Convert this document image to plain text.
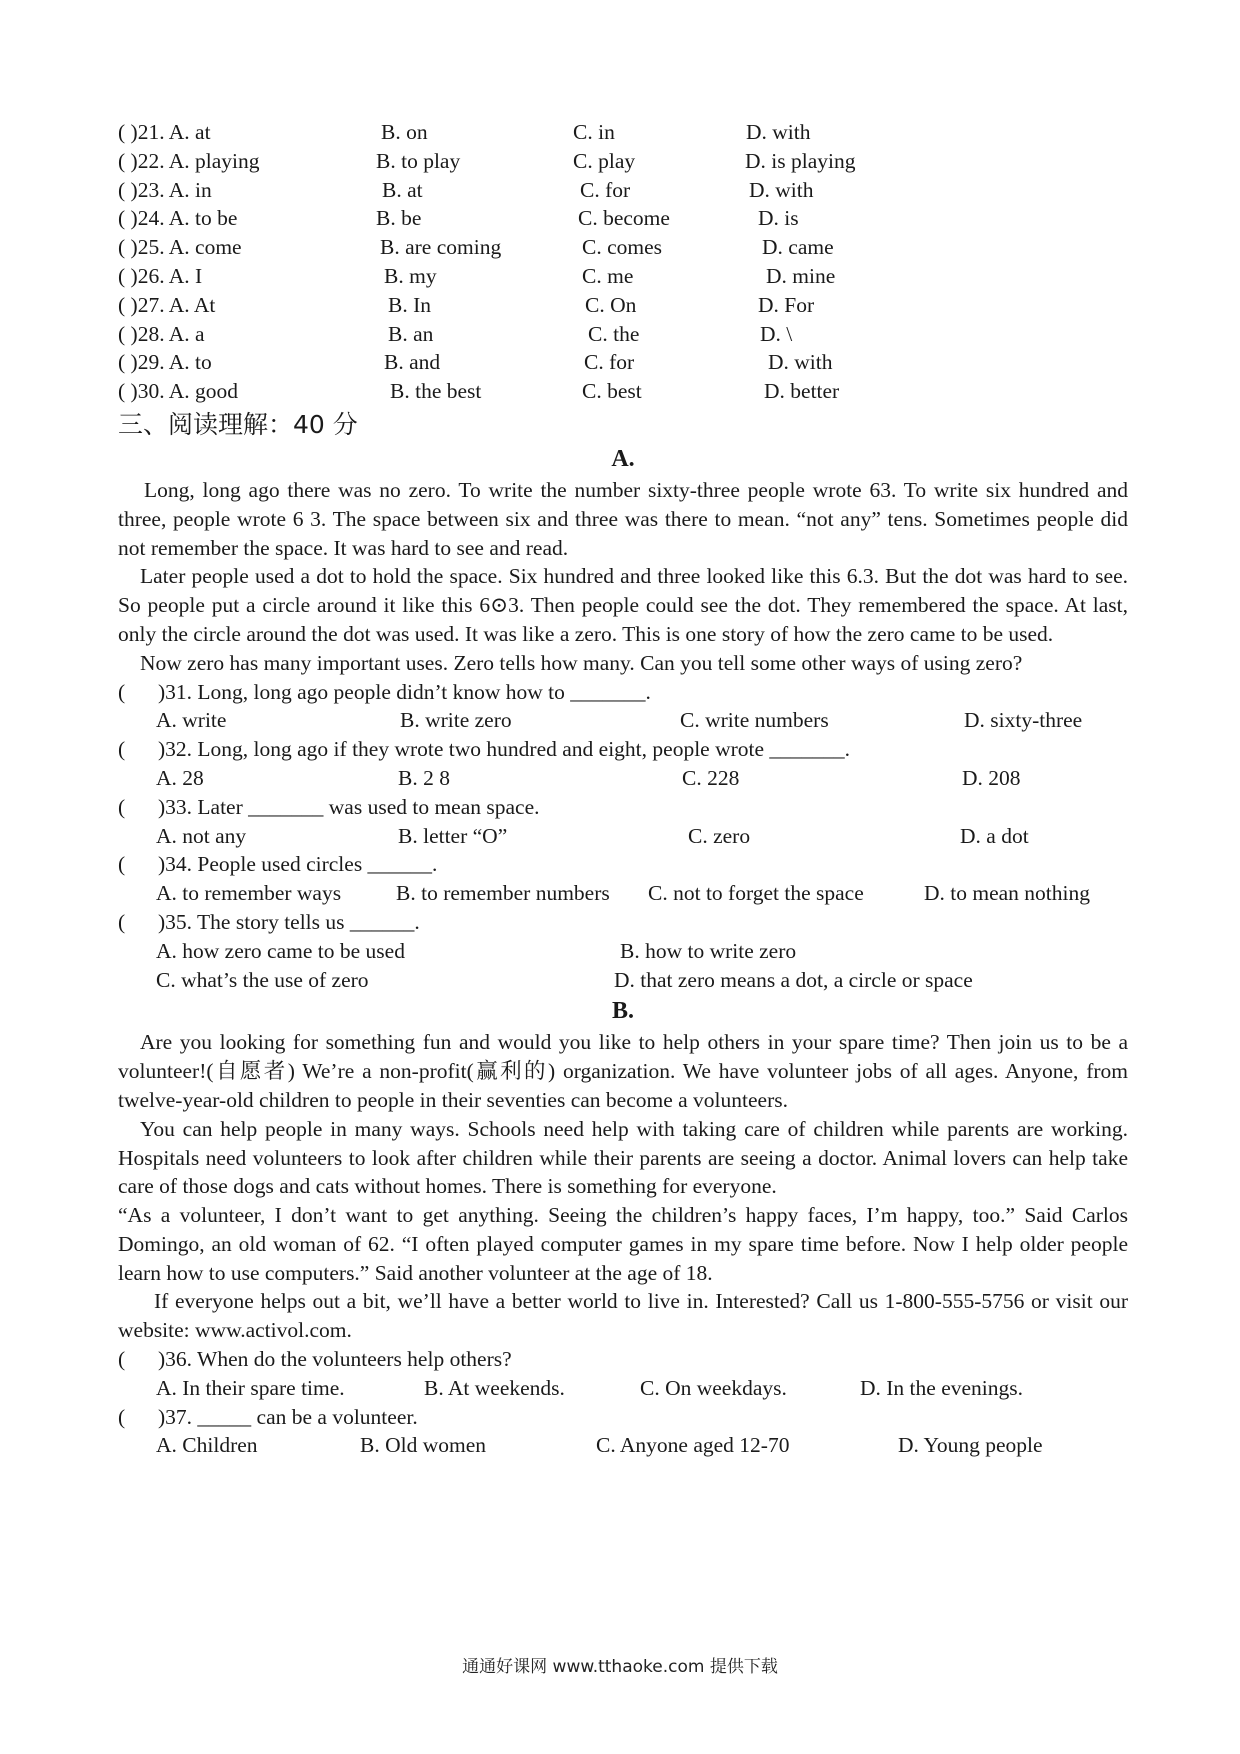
( )21. A. at	B. on	C. in	D. with
( )22. A. playing	B. to play	C. play	D. is playing
( )23. A. in	B. at	C. for	D. with
( )24. A. to be	B. be	C. become	D. is
( )25. A. come	B. are coming	C. comes	D. came
( )26. A. I	B. my	C. me	D. mine
( )27. A. At	B. In	C. On	D. For
( )28. A. a	B. an	C. the	D. \
( )29. A. to	B. and	C. for	D. with
( )30. A. good	B. the best	C. best	D. better
三、阅读理解：40 分
A.

Long, long ago there was no zero. To write the number sixty-three people wrote 63. To write six hundred and three, people wrote 6 3. The space between six and three was there to mean. “not any” tens. Sometimes people did not remember the space. It was hard to see and read.

Later people used a dot to hold the space. Six hundred and three looked like this 6.3. But the dot was hard to see. So people put a circle around it like this 6⊙3. Then people could see the dot. They remembered the space. At last, only the circle around the dot was used. It was like a zero. This is one story of how the zero came to be used.

Now zero has many important uses. Zero tells how many. Can you tell some other ways of using zero?

( )31. Long, long ago people didn’t know how to _______.
A. write	B. write zero	C. write numbers	D. sixty-three
( )32. Long, long ago if they wrote two hundred and eight, people wrote _______.
A. 28	B. 2 8	C. 228	D. 208
( )33. Later _______ was used to mean space.
A. not any	B. letter “O”	C. zero	D. a dot
( )34. People used circles ______.
A. to remember ways	B. to remember numbers C. not to forget the space	D. to mean nothing
( )35. The story tells us ______.
A. how zero came to be used	B. how to write zero
C. what’s the use of zero	D. that zero means a dot, a circle or space
B.

Are you looking for something fun and would you like to help others in your spare time? Then join us to be a volunteer!(自愿者) We’re a non-profit(赢利的) organization. We have volunteer jobs of all ages. Anyone, from twelve-year-old children to people in their seventies can become a volunteers.

You can help people in many ways. Schools need help with taking care of children while parents are working. Hospitals need volunteers to look after children while their parents are seeing a doctor. Animal lovers can help take care of those dogs and cats without homes. There is something for everyone.

“As a volunteer, I don’t want to get anything. Seeing the children’s happy faces, I’m happy, too.” Said Carlos Domingo, an old woman of 62. “I often played computer games in my spare time before. Now I help older people learn how to use computers.” Said another volunteer at the age of 18.

If everyone helps out a bit, we’ll have a better world to live in. Interested? Call us 1-800-555-5756 or visit our website: www.activol.com.

( )36. When do the volunteers help others?
A. In their spare time.	B. At weekends.	C. On weekdays.	D. In the evenings.
( )37. _____ can be a volunteer.
A. Children	B. Old women	C. Anyone aged 12-70	D. Young people
通通好课网 www.tthaoke.com 提供下载
